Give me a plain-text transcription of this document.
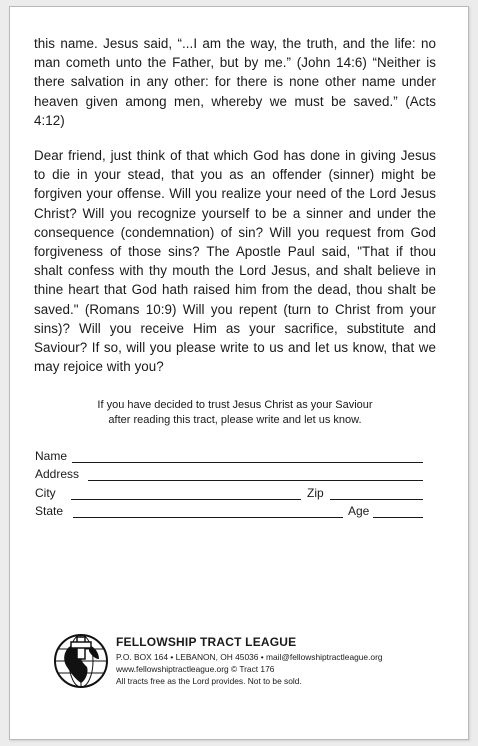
this name. Jesus said, “...I am the way, the truth, and the life: no man cometh unto the Father, but by me.” (John 14:6) “Neither is there salvation in any other: for there is none other name under heaven given among men, whereby we must be saved.” (Acts 4:12)

Dear friend, just think of that which God has done in giving Jesus to die in your stead, that you as an offender (sinner) might be forgiven your offense. Will you realize your need of the Lord Jesus Christ? Will you recognize yourself to be a sinner and under the consequence (condemnation) of sin? Will you request from God forgiveness of those sins? The Apostle Paul said, "That if thou shalt confess with thy mouth the Lord Jesus, and shalt believe in thine heart that God hath raised him from the dead, thou shalt be saved." (Romans 10:9) Will you repent (turn to Christ from your sins)? Will you receive Him as your sacrifice, substitute and Saviour? If so, will you please write to us and let us know, that we may rejoice with you?

If you have decided to trust Jesus Christ as your Saviour
after reading this tract, please write and let us know.
Name
Address
City	Zip
State	Age
FELLOWSHIP TRACT LEAGUE
P.O. BOX 164 • LEBANON, OH 45036 • mail@fellowshiptractleague.org
www.fellowshiptractleague.org © Tract 176
All tracts free as the Lord provides. Not to be sold.
